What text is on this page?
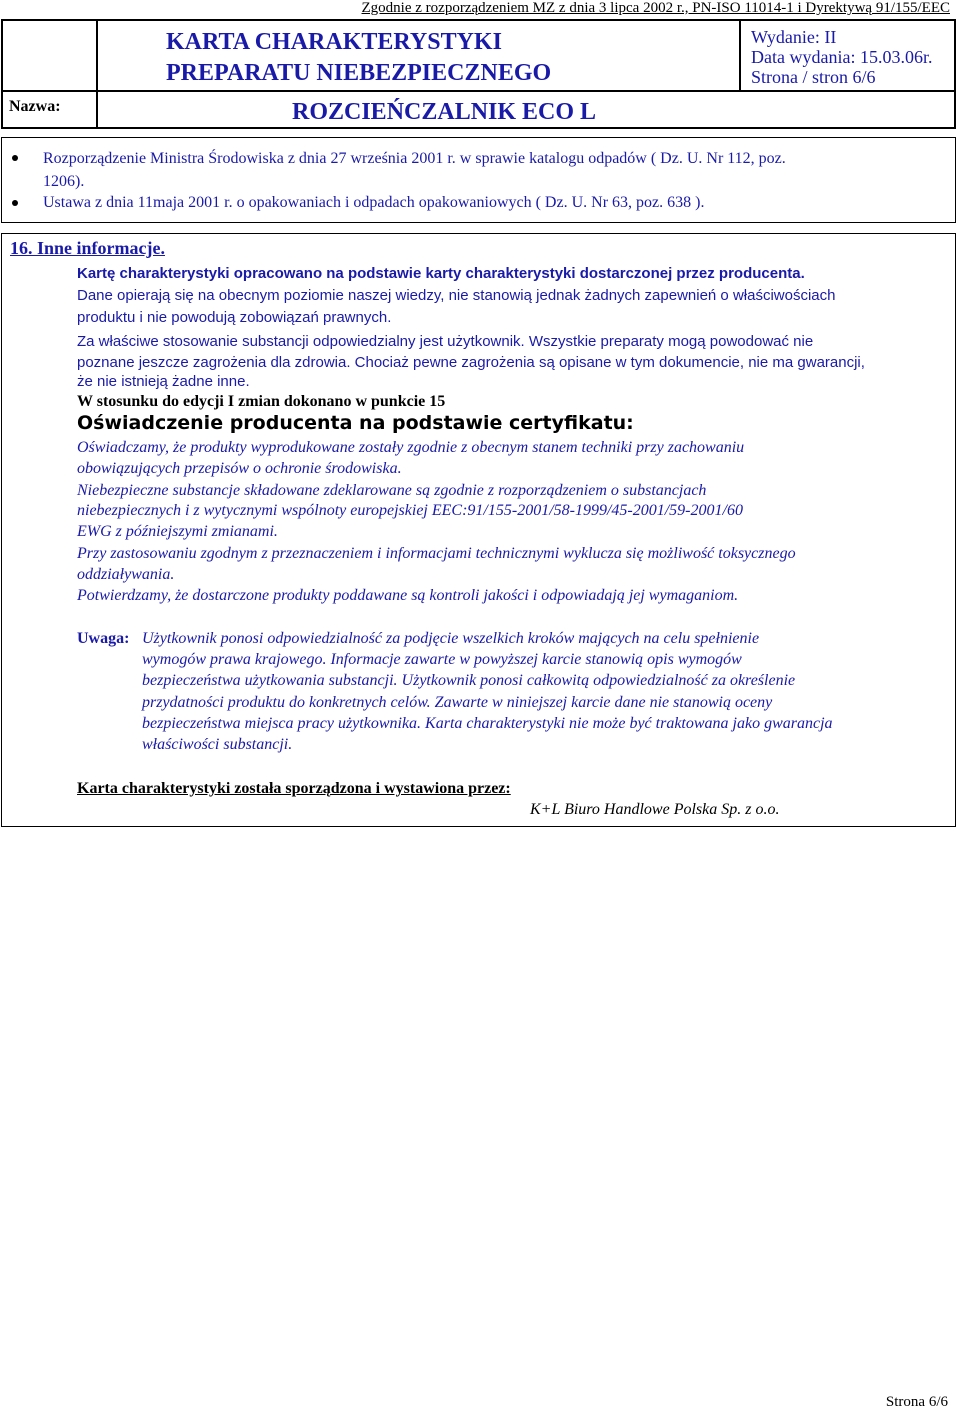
Zgodnie z rozporządzeniem MZ z dnia 3 lipca 2002 r., PN-ISO 11014-1 i Dyrektywą 91/155/EEC
KARTA CHARAKTERYSTYKI
PREPARATU NIEBEZPIECZNEGO
Nazwa:	ROZCIEŃCZALNIK ECO L
Wydanie: II
Data wydania: 15.03.06r.
Strona / stron 6/6
Rozporządzenie Ministra Środowiska z dnia 27 września 2001 r. w sprawie katalogu odpadów ( Dz. U. Nr 112, poz.
1206).
Ustawa z dnia 11maja 2001 r. o opakowaniach i odpadach opakowaniowych ( Dz. U. Nr 63, poz. 638 ).
16. Inne informacje.
Kartę charakterystyki opracowano na podstawie karty charakterystyki dostarczonej przez producenta.
Dane opierają się na obecnym poziomie naszej wiedzy, nie stanowią jednak żadnych zapewnień o właściwościach
produktu i nie powodują zobowiązań prawnych.
Za właściwe stosowanie substancji odpowiedzialny jest użytkownik. Wszystkie preparaty mogą powodować nie
poznane jeszcze zagrożenia dla zdrowia. Chociaż pewne zagrożenia są opisane w tym dokumencie, nie ma gwarancji,
że nie istnieją żadne inne.
W stosunku do edycji I zmian dokonano w punkcie 15
Oświadczenie producenta na podstawie certyfikatu:
Oświadczamy, że produkty wyprodukowane zostały zgodnie z obecnym stanem techniki przy zachowaniu
obowiązujących przepisów o ochronie środowiska.
Niebezpieczne substancje składowane zdeklarowane są zgodnie z rozporządzeniem o substancjach
niebezpiecznych i z wytycznymi wspólnoty europejskiej EEC:91/155-2001/58-1999/45-2001/59-2001/60
EWG z późniejszymi zmianami.
Przy zastosowaniu zgodnym z przeznaczeniem i informacjami technicznymi wyklucza się możliwość toksycznego
oddziaływania.
Potwierdzamy, że dostarczone produkty poddawane są kontroli jakości i odpowiadają jej wymaganiom.
Uwaga: Użytkownik ponosi odpowiedzialność za podjęcie wszelkich kroków mających na celu spełnienie
wymogów prawa krajowego. Informacje zawarte w powyższej karcie stanowią opis wymogów
bezpieczeństwa użytkowania substancji. Użytkownik ponosi całkowitą odpowiedzialność za określenie
przydatności produktu do konkretnych celów. Zawarte w niniejszej karcie dane nie stanowią oceny
bezpieczeństwa miejsca pracy użytkownika. Karta charakterystyki nie może być traktowana jako gwarancja
właściwości substancji.
Karta charakterystyki została sporządzona i wystawiona przez:
K+L Biuro Handlowe Polska Sp. z o.o.
Strona 6/6
